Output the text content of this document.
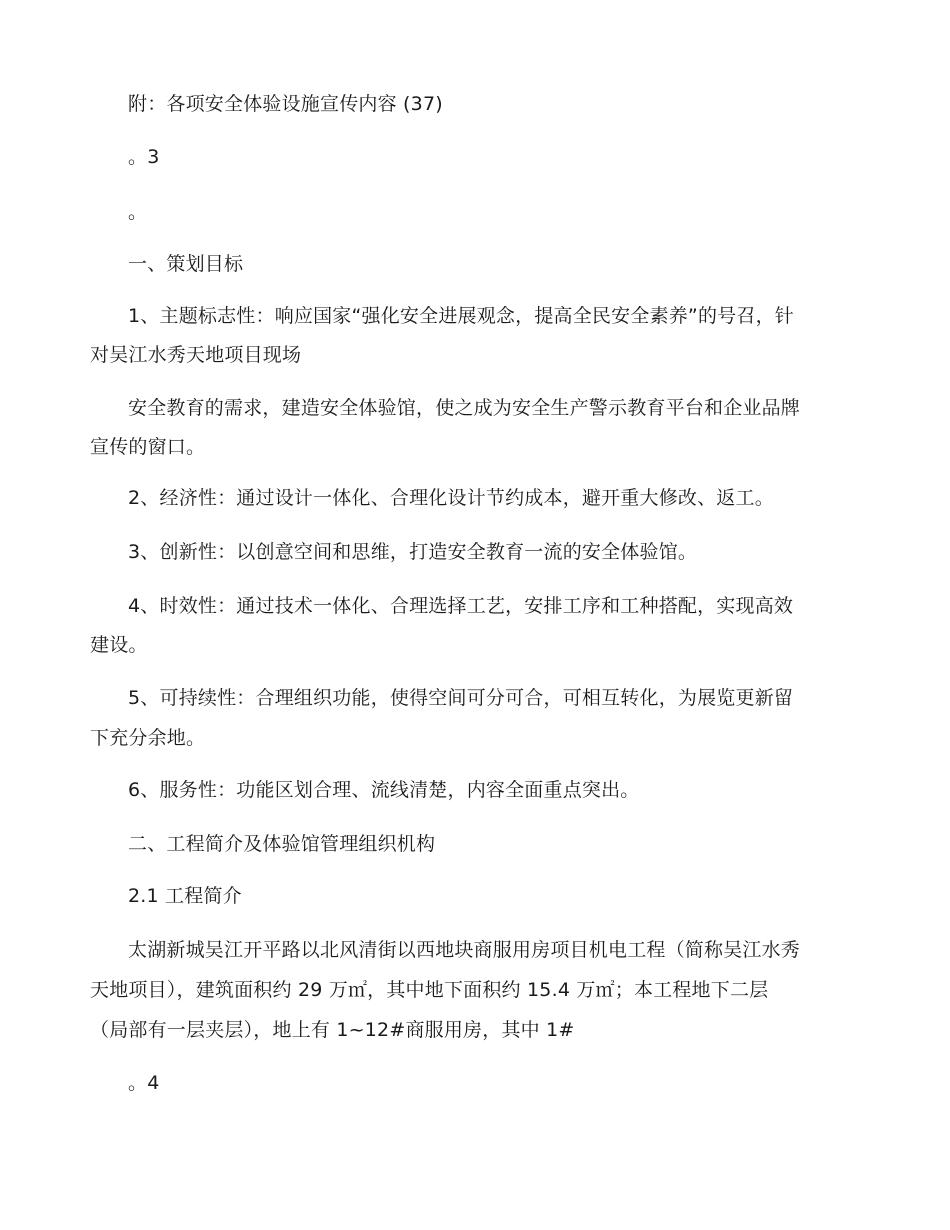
附：各项安全体验设施宣传内容 (37)
。3
。
一、策划目标
1、主题标志性：响应国家“强化安全进展观念，提高全民安全素养”的号召，针
对吴江水秀天地项目现场
安全教育的需求，建造安全体验馆，使之成为安全生产警示教育平台和企业品牌
宣传的窗口。
2、经济性：通过设计一体化、合理化设计节约成本，避开重大修改、返工。
3、创新性：以创意空间和思维，打造安全教育一流的安全体验馆。
4、时效性：通过技术一体化、合理选择工艺，安排工序和工种搭配，实现高效
建设。
5、可持续性：合理组织功能，使得空间可分可合，可相互转化，为展览更新留
下充分余地。
6、服务性：功能区划合理、流线清楚，内容全面重点突出。
二、工程简介及体验馆管理组织机构
2.1 工程简介
太湖新城吴江开平路以北风清街以西地块商服用房项目机电工程（简称吴江水秀
天地项目），建筑面积约 29 万㎡，其中地下面积约 15.4 万㎡；本工程地下二层
（局部有一层夹层），地上有 1~12#商服用房，其中 1#
。4
